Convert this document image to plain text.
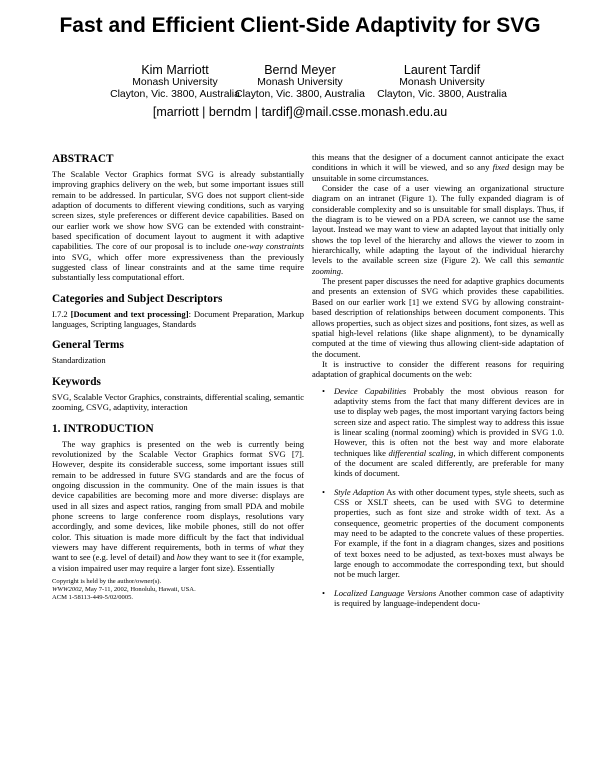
Fast and Efficient Client-Side Adaptivity for SVG
Kim Marriott
Monash University
Clayton, Vic. 3800, Australia
Bernd Meyer
Monash University
Clayton, Vic. 3800, Australia
Laurent Tardif
Monash University
Clayton, Vic. 3800, Australia
[marriott | berndm | tardif]@mail.csse.monash.edu.au
ABSTRACT

The Scalable Vector Graphics format SVG is already substantially improving graphics delivery on the web, but some important issues still remain to be addressed. In particular, SVG does not support client-side adaption of documents to different viewing conditions, such as varying screen sizes, style preferences or different device capabilities. Based on our earlier work we show how SVG can be extended with constraint-based specification of document layout to augment it with adaptive capabilities. The core of our proposal is to include one-way constraints into SVG, which offer more expressiveness than the previously suggested class of linear constraints and at the same time require substantially less computational effort.

Categories and Subject Descriptors

I.7.2 [Document and text processing]: Document Preparation, Markup languages, Scripting languages, Standards

General Terms

Standardization

Keywords

SVG, Scalable Vector Graphics, constraints, differential scaling, semantic zooming, CSVG, adaptivity, interaction

1. INTRODUCTION

The way graphics is presented on the web is currently being revolutionized by the Scalable Vector Graphics format SVG [7]. However, despite its considerable success, some important issues still remain to be addressed in future SVG standards and are the focus of ongoing discussion in the community. One of the main issues is that device capabilities are becoming more and more diverse: displays are used in all sizes and aspect ratios, ranging from small PDA and mobile phone screens to large conference room displays, resolutions vary accordingly, and some devices, like mobile phones, still do not offer color. This situation is made more difficult by the fact that individual viewers may have different requirements, both in terms of what they want to see (e.g. level of detail) and how they want to see it (for example, a vision impaired user may require a larger font size). Essentially

Copyright is held by the author/owner(s).
WWW2002, May 7-11, 2002, Honolulu, Hawaii, USA.
ACM 1-58113-449-5/02/0005.

this means that the designer of a document cannot anticipate the exact conditions in which it will be viewed, and so any fixed design may be unsuitable in some circumstances.

Consider the case of a user viewing an organizational structure diagram on an intranet (Figure 1). The fully expanded diagram is of considerable complexity and so is unsuitable for small displays. Thus, if the diagram is to be viewed on a PDA screen, we cannot use the same layout. Instead we may want to view an adapted layout that initially only shows the top level of the hierarchy and allows the viewer to zoom in hierarchically, while adapting the layout of the individual hierarchy levels to the available screen size (Figure 2). We call this semantic zooming.

The present paper discusses the need for adaptive graphics documents and presents an extension of SVG which provides these capabilities. Based on our earlier work [1] we extend SVG by allowing constraint-based description of relationships between document components. This allows properties, such as object sizes and positions, font sizes, as well as spatial high-level relations (like shape alignment), to be dynamically computed at the time of viewing thus allowing client-side adaptation of the document.

It is instructive to consider the different reasons for requiring adaptation of graphical documents on the web:

• Device Capabilities Probably the most obvious reason for adaptivity stems from the fact that many different devices are in use to display web pages, the most important varying factors being screen size and aspect ratio. The simplest way to address this issue is linear scaling (normal zooming) which is provided in SVG 1.0. However, this is often not the best way and more elaborate techniques like differential scaling, in which different components of the document are scaled differently, are preferable for many kinds of document.
• Style Adaption As with other document types, style sheets, such as CSS or XSLT sheets, can be used with SVG to determine properties, such as font size and stroke width of text. As a consequence, geometric properties of the document components may need to be adapted to the concrete values of these properties. For example, if the font in a diagram changes, sizes and positions of text boxes need to be adjusted, as text-boxes must always be large enough to accommodate the corresponding text, but should not be much larger.
• Localized Language Versions Another common case of adaptivity is required by language-independent docu-
